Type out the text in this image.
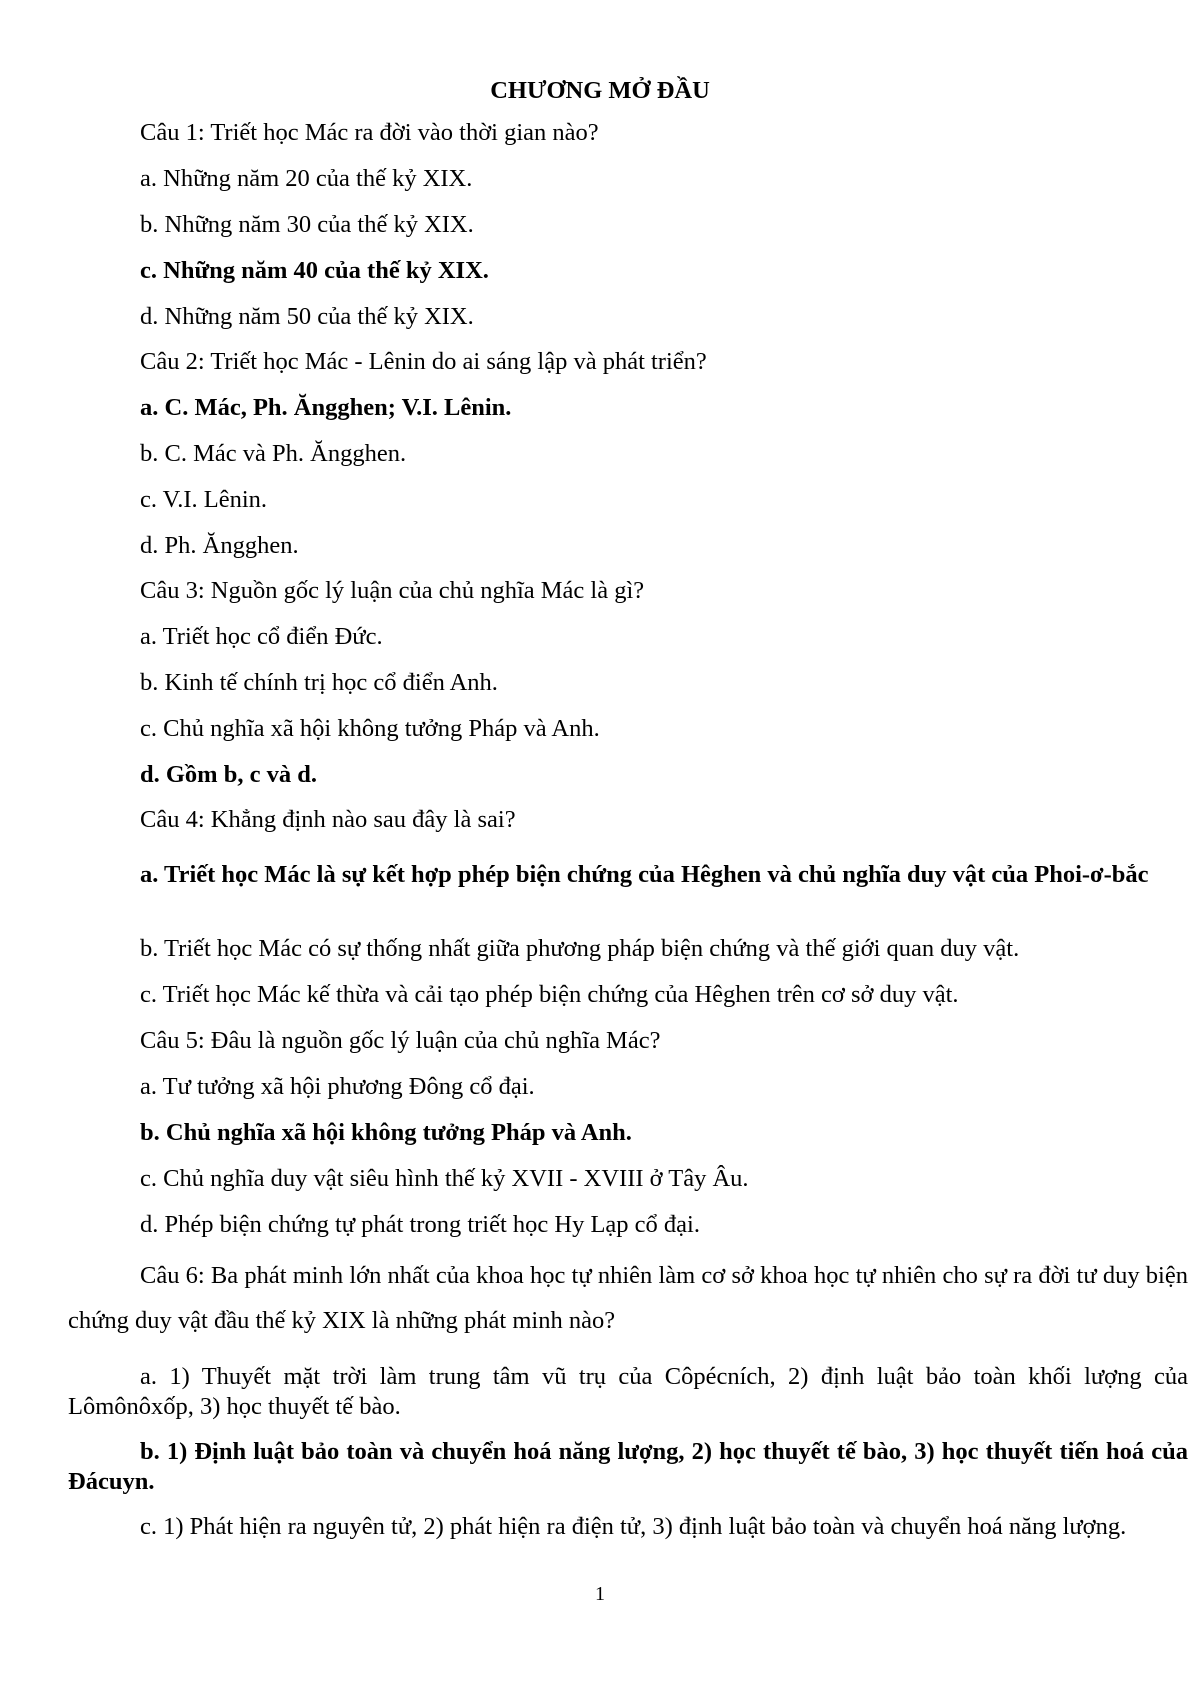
CHƯƠNG MỞ ĐẦU
Câu 1: Triết học Mác ra đời vào thời gian nào?
a. Những năm 20 của thế kỷ XIX.
b. Những năm 30 của thế kỷ XIX.
c. Những năm 40 của thế kỷ XIX.
d. Những năm 50 của thế kỷ XIX.
Câu 2: Triết học Mác - Lênin do ai sáng lập và phát triển?
a. C. Mác, Ph. Ăngghen; V.I. Lênin.
b. C. Mác và Ph. Ăngghen.
c. V.I. Lênin.
d. Ph. Ăngghen.
Câu 3: Nguồn gốc lý luận của chủ nghĩa Mác là gì?
a. Triết học cổ điển Đức.
b. Kinh tế chính trị học cổ điển Anh.
c. Chủ nghĩa xã hội không tưởng Pháp và Anh.
d. Gồm b, c và d.
Câu 4: Khẳng định nào sau đây là sai?
a. Triết học Mác là sự kết hợp phép biện chứng của Hêghen và chủ nghĩa duy vật của Phoi-ơ-bắc
b. Triết học Mác có sự thống nhất giữa phương pháp biện chứng và thế giới quan duy vật.
c. Triết học Mác kế thừa và cải tạo phép biện chứng của Hêghen trên cơ sở duy vật.
Câu 5: Đâu là nguồn gốc lý luận của chủ nghĩa Mác?
a. Tư tưởng xã hội phương Đông cổ đại.
b. Chủ nghĩa xã hội không tưởng Pháp và Anh.
c. Chủ nghĩa duy vật siêu hình thế kỷ XVII - XVIII ở Tây Âu.
d. Phép biện chứng tự phát trong triết học Hy Lạp cổ đại.
Câu 6: Ba phát minh lớn nhất của khoa học tự nhiên làm cơ sở khoa học tự nhiên cho sự ra đời tư duy biện chứng duy vật đầu thế kỷ XIX là những phát minh nào?
a. 1) Thuyết mặt trời làm trung tâm vũ trụ của Côpécních, 2) định luật bảo toàn khối lượng của Lômônôxốp, 3) học thuyết tế bào.
b. 1) Định luật bảo toàn và chuyển hoá năng lượng, 2) học thuyết tế bào, 3) học thuyết tiến hoá của Đácuyn.
c. 1) Phát hiện ra nguyên tử, 2) phát hiện ra điện tử, 3) định luật bảo toàn và chuyển hoá năng lượng.
1
